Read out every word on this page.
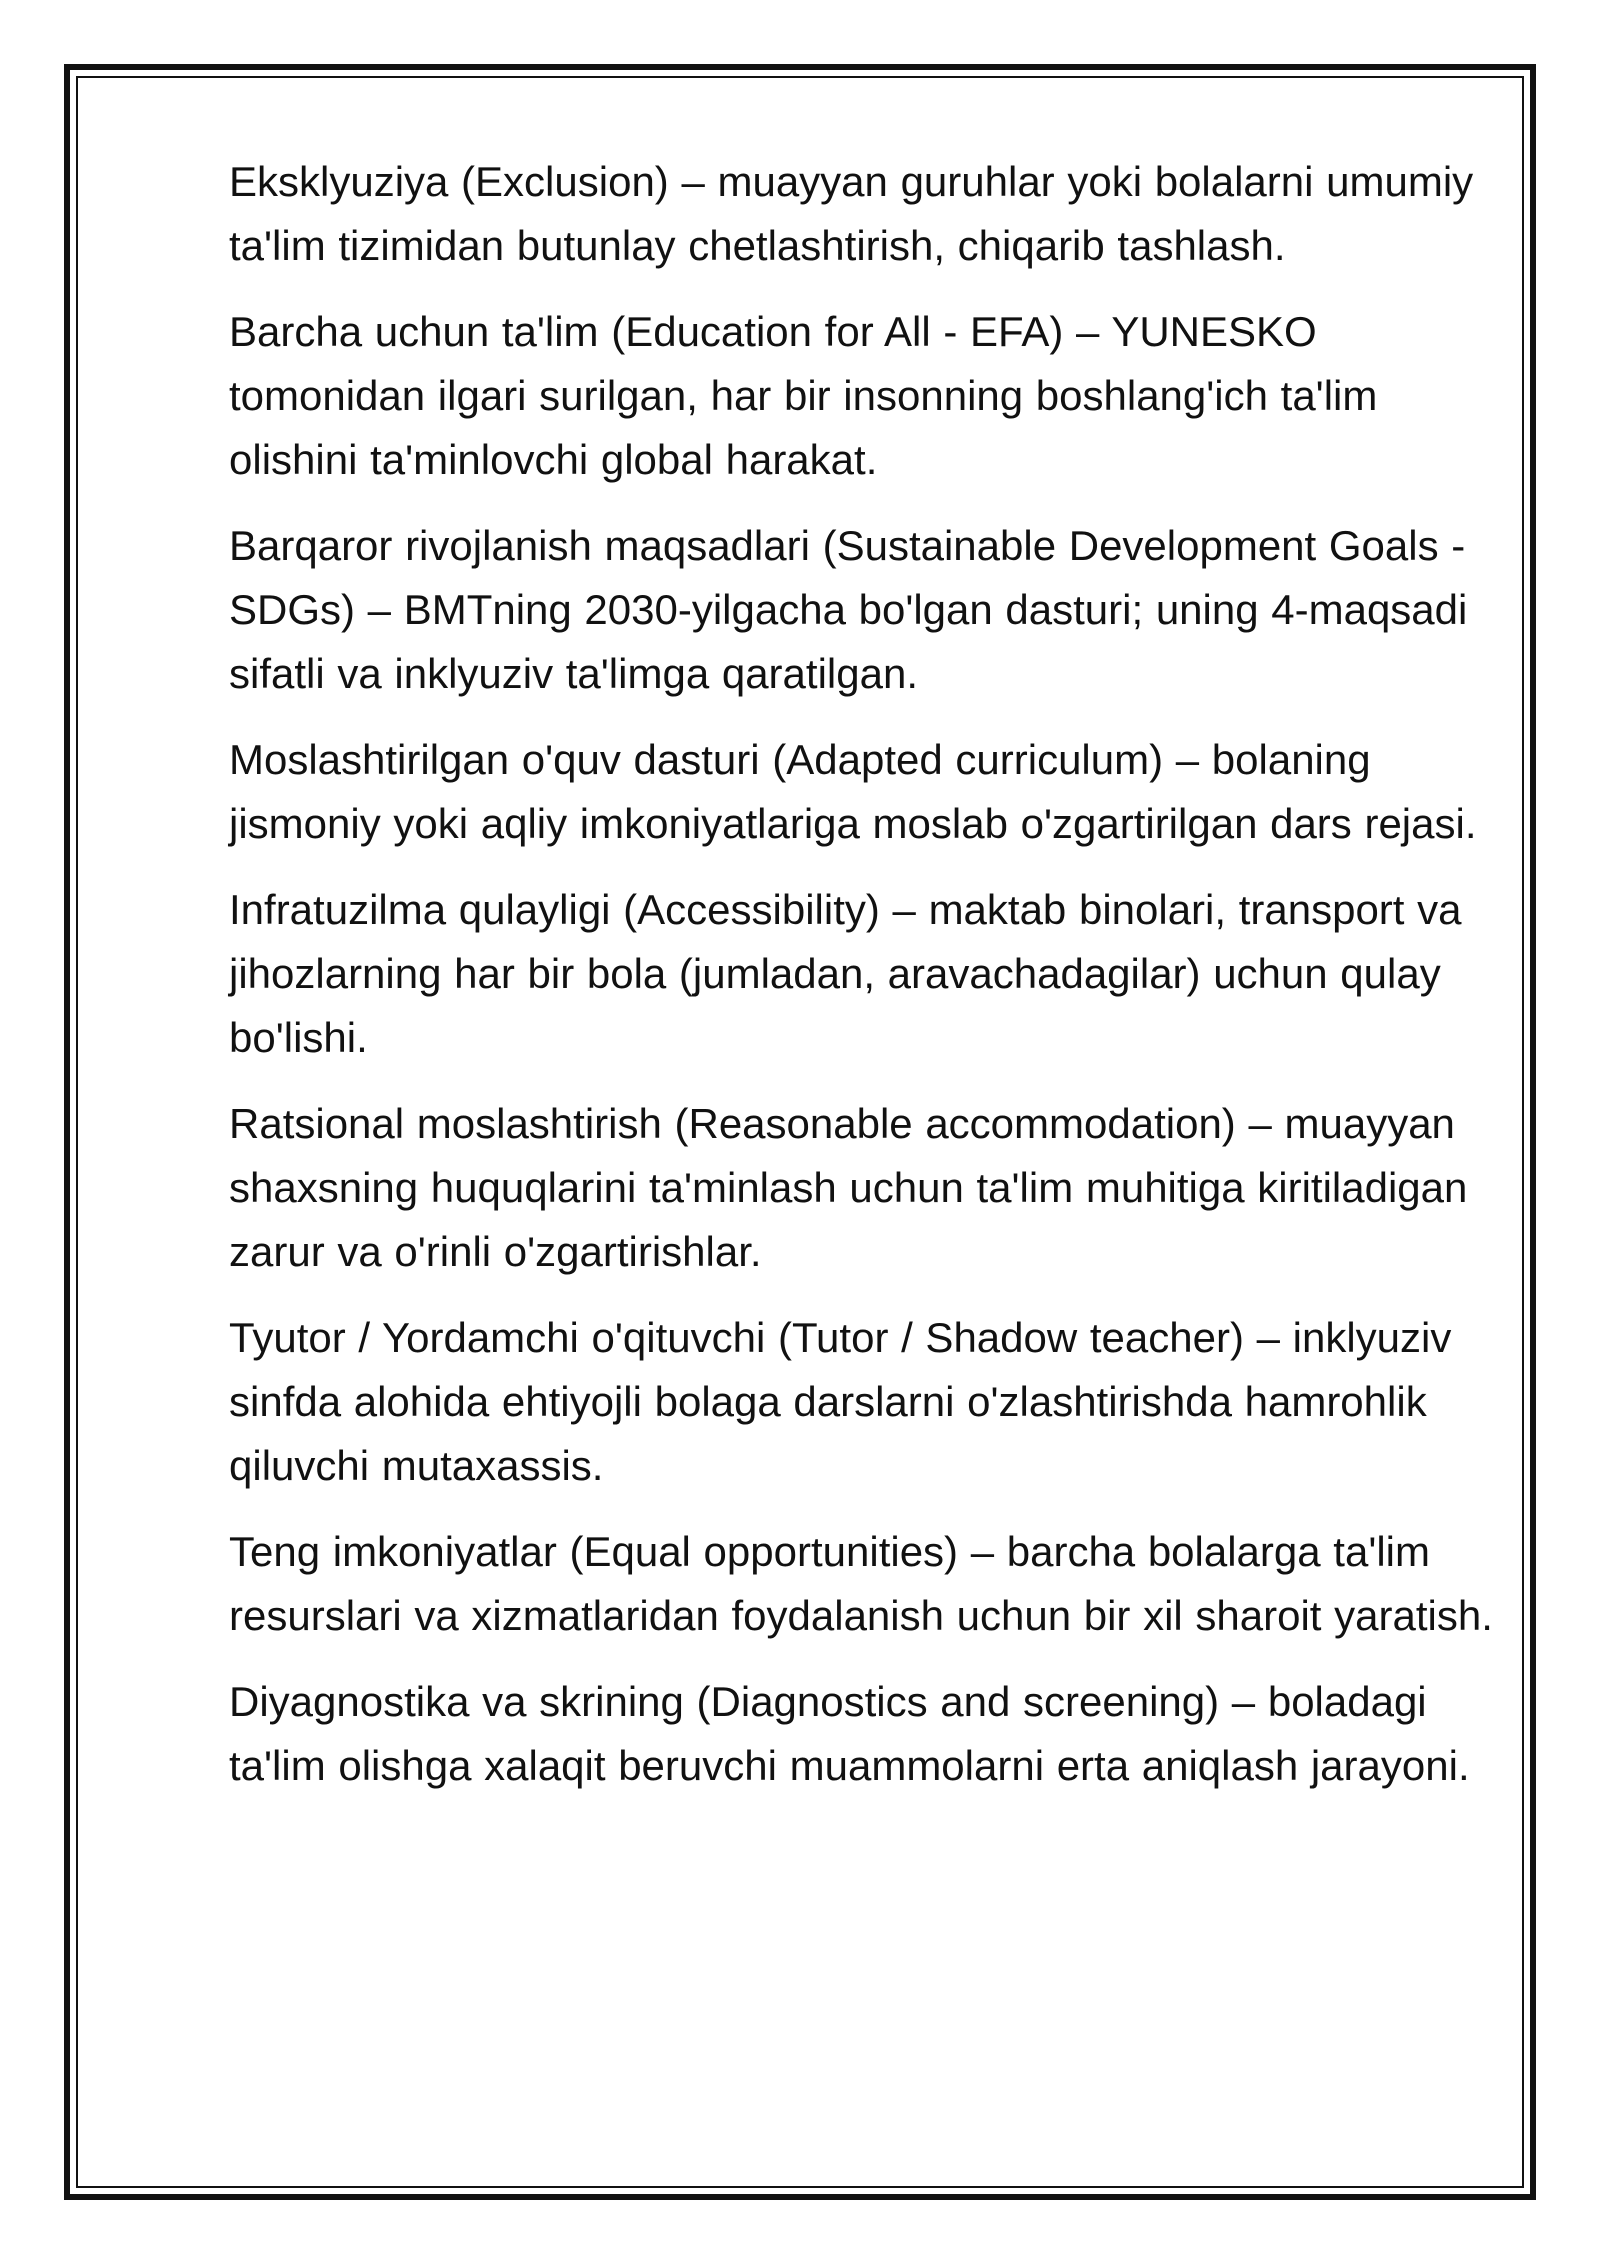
Eksklyuziya (Exclusion) – muayyan guruhlar yoki bolalarni umumiy ta'lim tizimidan butunlay chetlashtirish, chiqarib tashlash.

Barcha uchun ta'lim (Education for All - EFA) – YUNESKO tomonidan ilgari surilgan, har bir insonning boshlang'ich ta'lim olishini ta'minlovchi global harakat.

Barqaror rivojlanish maqsadlari (Sustainable Development Goals - SDGs) – BMTning 2030-yilgacha bo'lgan dasturi; uning 4-maqsadi sifatli va inklyuziv ta'limga qaratilgan.

Moslashtirilgan o'quv dasturi (Adapted curriculum) – bolaning jismoniy yoki aqliy imkoniyatlariga moslab o'zgartirilgan dars rejasi.

Infratuzilma qulayligi (Accessibility) – maktab binolari, transport va jihozlarning har bir bola (jumladan, aravachadagilar) uchun qulay bo'lishi.

Ratsional moslashtirish (Reasonable accommodation) – muayyan shaxsning huquqlarini ta'minlash uchun ta'lim muhitiga kiritiladigan zarur va o'rinli o'zgartirishlar.

Tyutor / Yordamchi o'qituvchi (Tutor / Shadow teacher) – inklyuziv sinfda alohida ehtiyojli bolaga darslarni o'zlashtirishda hamrohlik qiluvchi mutaxassis.

Teng imkoniyatlar (Equal opportunities) – barcha bolalarga ta'lim resurslari va xizmatlaridan foydalanish uchun bir xil sharoit yaratish.

Diyagnostika va skrining (Diagnostics and screening) – boladagi ta'lim olishga xalaqit beruvchi muammolarni erta aniqlash jarayoni.
